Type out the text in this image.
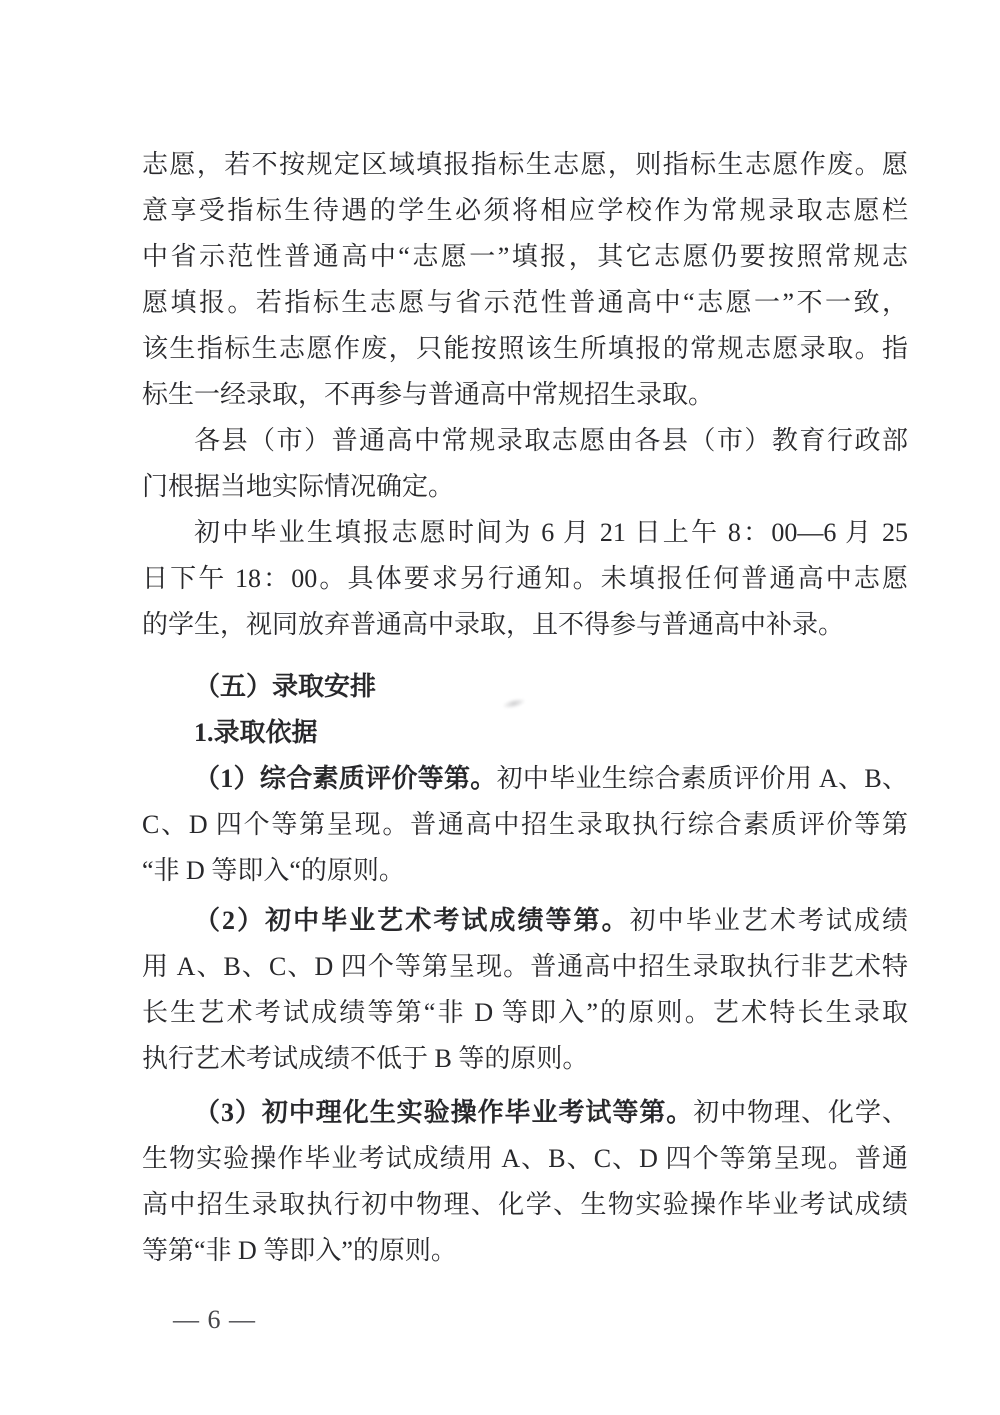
志愿，若不按规定区域填报指标生志愿，则指标生志愿作废。愿
意享受指标生待遇的学生必须将相应学校作为常规录取志愿栏
中省示范性普通高中“志愿一”填报，其它志愿仍要按照常规志
愿填报。若指标生志愿与省示范性普通高中“志愿一”不一致，
该生指标生志愿作废，只能按照该生所填报的常规志愿录取。指
标生一经录取，不再参与普通高中常规招生录取。
各县（市）普通高中常规录取志愿由各县（市）教育行政部
门根据当地实际情况确定。
初中毕业生填报志愿时间为 6 月 21 日上午 8：00—6 月 25
日下午 18：00。具体要求另行通知。未填报任何普通高中志愿
的学生，视同放弃普通高中录取，且不得参与普通高中补录。
（五）录取安排
1.录取依据
（1）综合素质评价等第。初中毕业生综合素质评价用 A、B、
C、D 四个等第呈现。普通高中招生录取执行综合素质评价等第
“非 D 等即入“的原则。
（2）初中毕业艺术考试成绩等第。初中毕业艺术考试成绩
用 A、B、C、D 四个等第呈现。普通高中招生录取执行非艺术特
长生艺术考试成绩等第“非 D 等即入”的原则。艺术特长生录取
执行艺术考试成绩不低于 B 等的原则。
（3）初中理化生实验操作毕业考试等第。初中物理、化学、
生物实验操作毕业考试成绩用 A、B、C、D 四个等第呈现。普通
高中招生录取执行初中物理、化学、生物实验操作毕业考试成绩
等第“非 D 等即入”的原则。
— 6 —
